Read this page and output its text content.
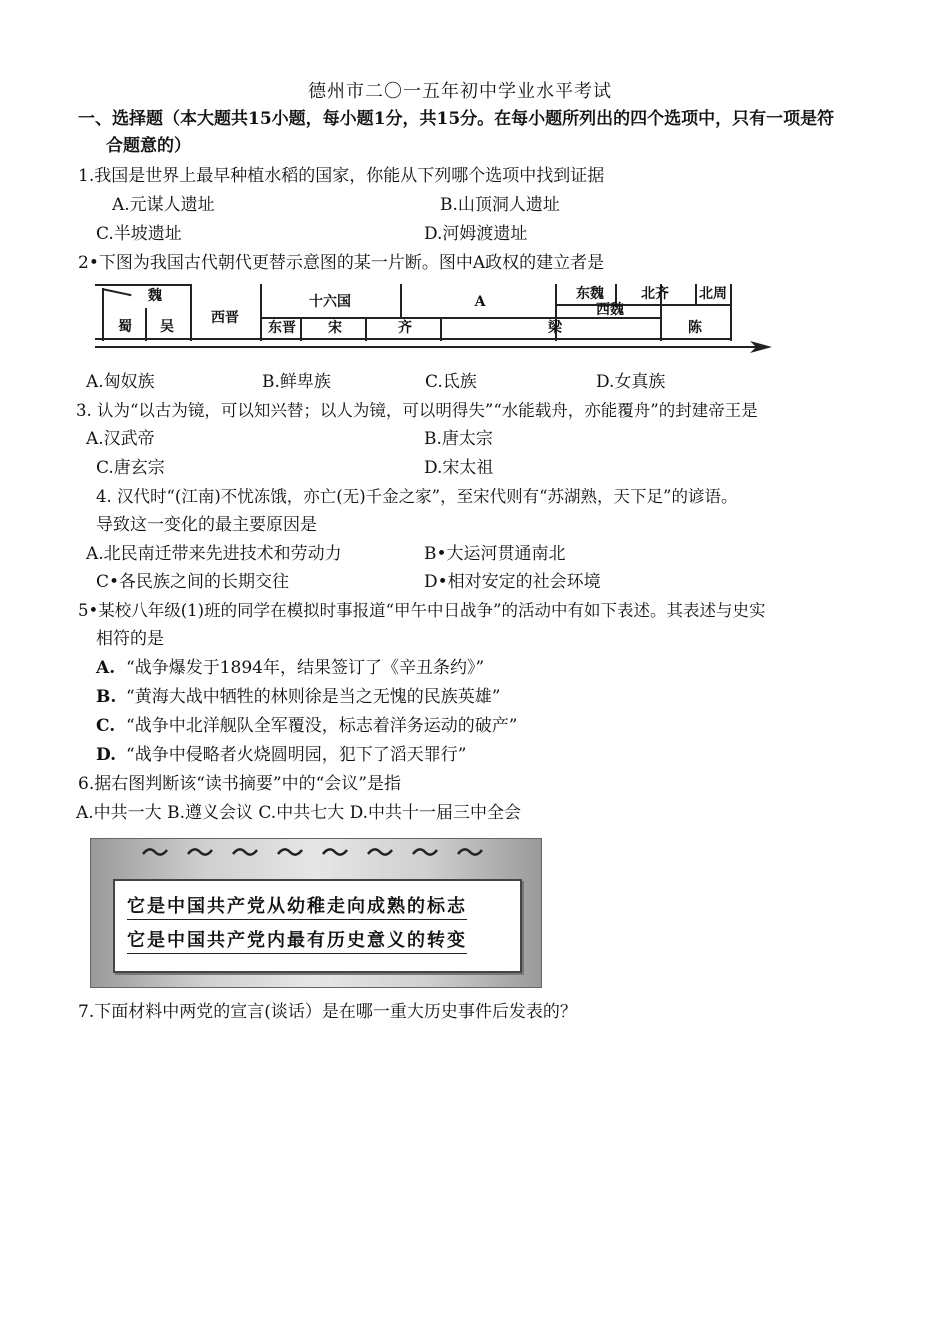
德州市二〇一五年初中学业水平考试
一、选择题（本大题共15小题，每小题1分，共15分。在每小题所列出的四个选项中，只有一项是符
合题意的）
1.我国是世界上最早种植水稻的国家，你能从下列哪个选项中找到证据
A.元谋人遗址	B.山顶洞人遗址
C.半坡遗址	D.河姆渡遗址
2•下图为我国古代朝代更替示意图的某一片断。图中A政权的建立者是
魏
蜀	吴
西晋
十六国	A	东魏
西魏
北齐	北周
东晋	宋	齐	梁	陈
A.匈奴族	B.鲜卑族	C.氐族	D.女真族
3. 认为“以古为镜，可以知兴替；以人为镜，可以明得失”“水能载舟，亦能覆舟”的封建帝王是
A.汉武帝	B.唐太宗
C.唐玄宗	D.宋太祖
4. 汉代时“(江南)不忧冻饿，亦亡(无)千金之家”，至宋代则有“苏湖熟，天下足”的谚语。
导致这一变化的最主要原因是
A.北民南迁带来先进技术和劳动力	B•大运河贯通南北
C•各民族之间的长期交往	D•相对安定的社会环境
5•某校八年级(1)班的同学在模拟时事报道“甲午中日战争”的活动中有如下表述。其表述与史实
相符的是
A. “战争爆发于1894年，结果签订了《辛丑条约》”
B. “黄海大战中牺牲的林则徐是当之无愧的民族英雄”
C. “战争中北洋舰队全军覆没，标志着洋务运动的破产”
D. “战争中侵略者火烧圆明园，犯下了滔天罪行”
6.据右图判断该“读书摘要”中的“会议”是指
A.中共一大 B.遵义会议 C.中共七大 D.中共十一届三中全会
它是中国共产党从幼稚走向成熟的标志
它是中国共产党内最有历史意义的转变
7.下面材料中两党的宣言(谈话）是在哪一重大历史事件后发表的？
